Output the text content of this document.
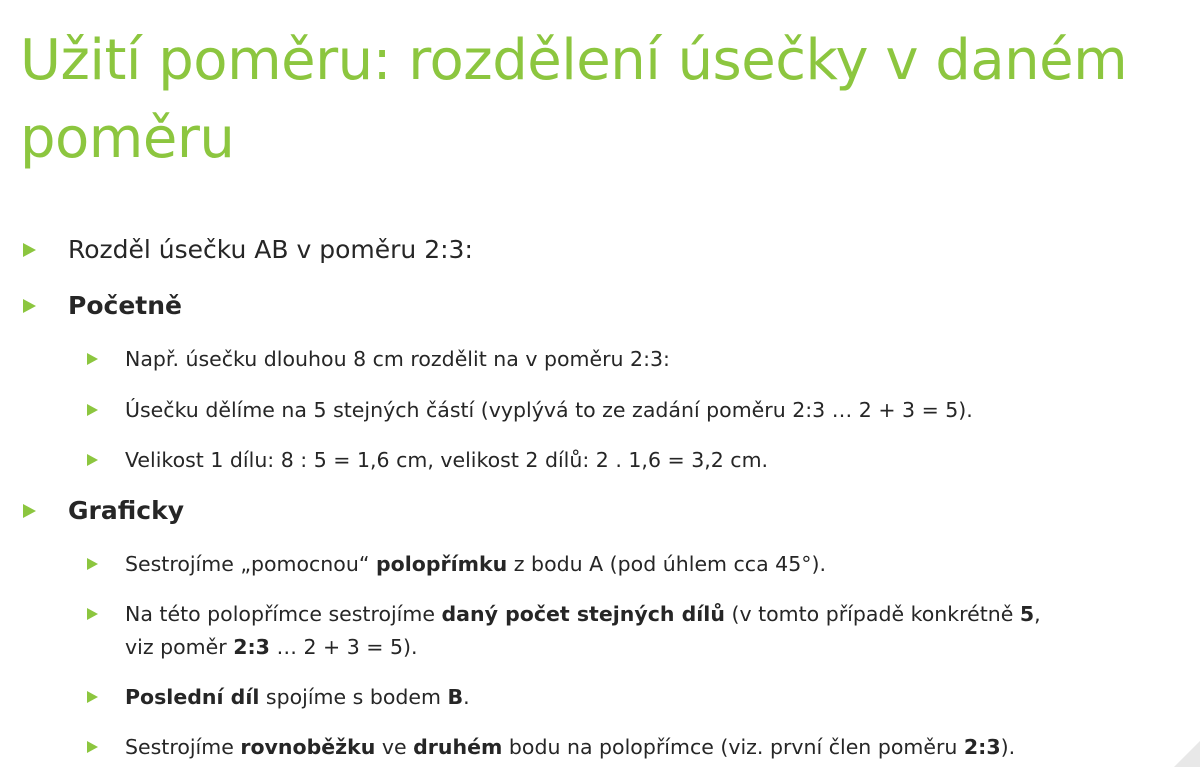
Užití poměru: rozdělení úsečky v daném poměru
Rozděl úsečku AB v poměru 2:3:
Početně
Např. úsečku dlouhou 8 cm rozdělit na v poměru 2:3:
Úsečku dělíme na 5 stejných částí (vyplývá to ze zadání poměru 2:3 … 2 + 3 = 5).
Velikost 1 dílu: 8 : 5 = 1,6 cm, velikost 2 dílů: 2 . 1,6 = 3,2 cm.
Graficky
Sestrojíme „pomocnou“ polopřímku z bodu A (pod úhlem cca 45°).
Na této polopřímce sestrojíme daný počet stejných dílů (v tomto případě konkrétně 5,
viz poměr 2:3 … 2 + 3 = 5).
Poslední díl spojíme s bodem B.
Sestrojíme rovnoběžku ve druhém bodu na polopřímce (viz. první člen poměru 2:3).
